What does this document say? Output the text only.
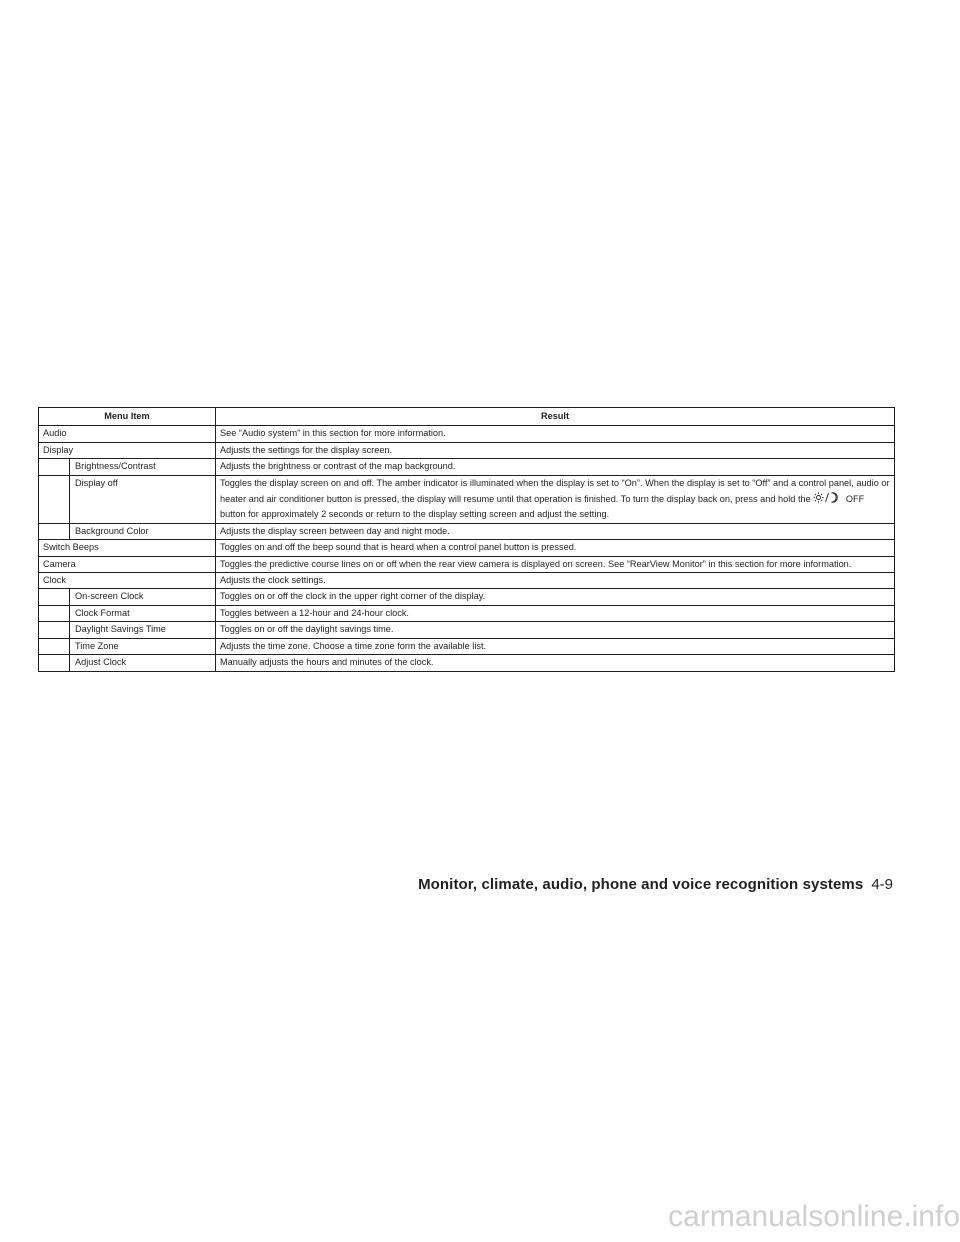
Menu Item	Result
Audio	See “Audio system” in this section for more information.
Display	Adjusts the settings for the display screen.
Brightness/Contrast	Adjusts the brightness or contrast of the map background.
Display off	Toggles the display screen on and off. The amber indicator is illuminated when the display is set to “On”. When the display is set to “Off” and a control panel, audio or heater and air conditioner button is pressed, the display will resume until that operation is finished. To turn the display back on, press and hold the OFF button for approximately 2 seconds or return to the display setting screen and adjust the setting.
Background Color	Adjusts the display screen between day and night mode.
Switch Beeps	Toggles on and off the beep sound that is heard when a control panel button is pressed.
Camera	Toggles the predictive course lines on or off when the rear view camera is displayed on screen. See “RearView Monitor” in this section for more information.
Clock	Adjusts the clock settings.
On-screen Clock	Toggles on or off the clock in the upper right corner of the display.
Clock Format	Toggles between a 12-hour and 24-hour clock.
Daylight Savings Time	Toggles on or off the daylight savings time.
Time Zone	Adjusts the time zone. Choose a time zone form the available list.
Adjust Clock	Manually adjusts the hours and minutes of the clock.
Monitor, climate, audio, phone and voice recognition systems 4-9
carmanualsonline.info
